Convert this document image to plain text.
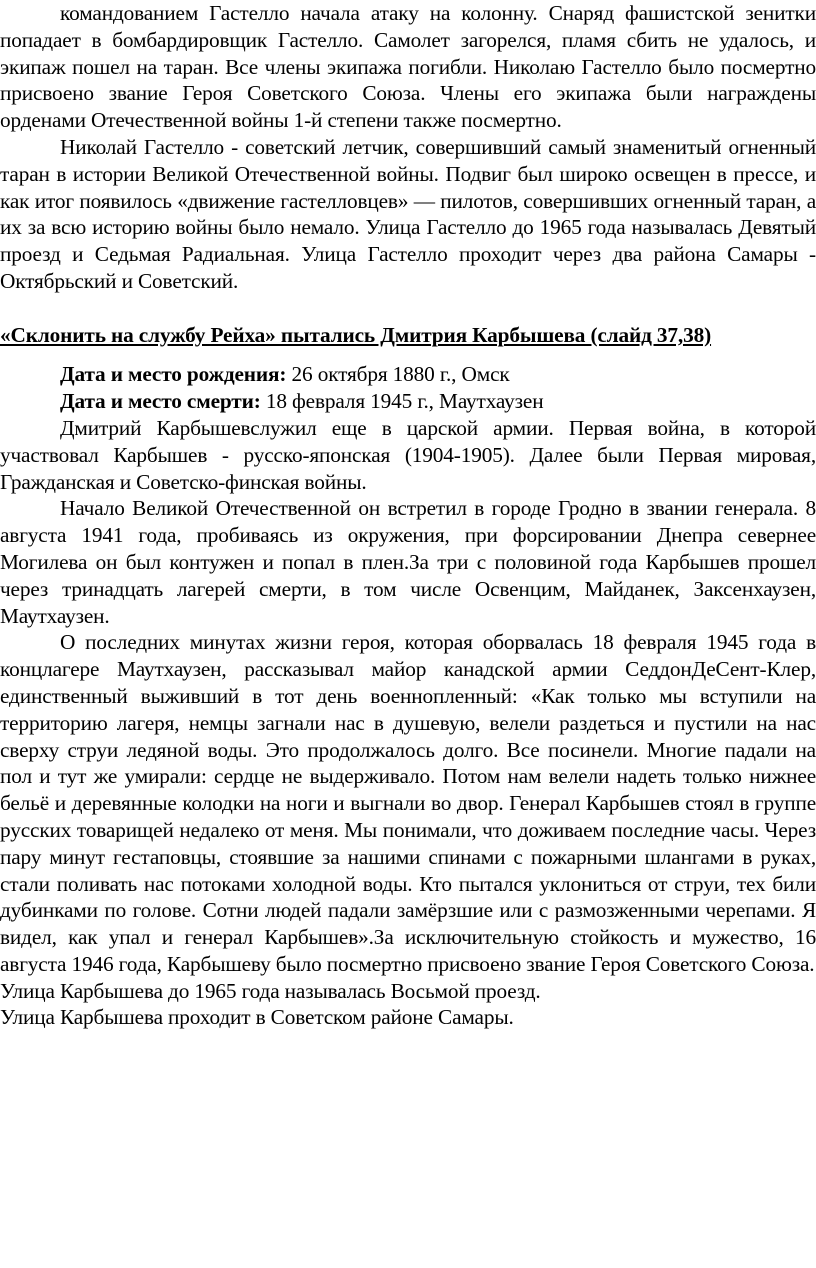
командованием Гастелло начала атаку на колонну. Снаряд фашистской зенитки попадает в бомбардировщик Гастелло. Самолет загорелся, пламя сбить не удалось, и экипаж пошел на таран. Все члены экипажа погибли. Николаю Гастелло было посмертно присвоено звание Героя Советского Союза. Члены его экипажа были награждены орденами Отечественной войны 1-й степени также посмертно.

Николай Гастелло - советский летчик, совершивший самый знаменитый огненный таран в истории Великой Отечественной войны. Подвиг был широко освещен в прессе, и как итог появилось «движение гастелловцев» — пилотов, совершивших огненный таран, а их за всю историю войны было немало. Улица Гастелло до 1965 года называлась Девятый проезд и Седьмая Радиальная. Улица Гастелло проходит через два района Самары - Октябрьский и Советский.

«Склонить на службу Рейха» пытались Дмитрия Карбышева (слайд 37,38)

Дата и место рождения: 26 октября 1880 г., Омск

Дата и место смерти: 18 февраля 1945 г., Маутхаузен

Дмитрий Карбышевслужил еще в царской армии. Первая война, в которой участвовал Карбышев - русско-японская (1904-1905). Далее были Первая мировая, Гражданская и Советско-финская войны.

Начало Великой Отечественной он встретил в городе Гродно в звании генерала. 8 августа 1941 года, пробиваясь из окружения, при форсировании Днепра севернее Могилева он был контужен и попал в плен.За три с половиной года Карбышев прошел через тринадцать лагерей смерти, в том числе Освенцим, Майданек, Заксенхаузен, Маутхаузен.

О последних минутах жизни героя, которая оборвалась 18 февраля 1945 года в концлагере Маутхаузен, рассказывал майор канадской армии СеддонДеСент-Клер, единственный выживший в тот день военнопленный: «Как только мы вступили на территорию лагеря, немцы загнали нас в душевую, велели раздеться и пустили на нас сверху струи ледяной воды. Это продолжалось долго. Все посинели. Многие падали на пол и тут же умирали: сердце не выдерживало. Потом нам велели надеть только нижнее бельё и деревянные колодки на ноги и выгнали во двор. Генерал Карбышев стоял в группе русских товарищей недалеко от меня. Мы понимали, что доживаем последние часы. Через пару минут гестаповцы, стоявшие за нашими спинами с пожарными шлангами в руках, стали поливать нас потоками холодной воды. Кто пытался уклониться от струи, тех били дубинками по голове. Сотни людей падали замёрзшие или с размозженными черепами. Я видел, как упал и генерал Карбышев».За исключительную стойкость и мужество, 16 августа 1946 года, Карбышеву было посмертно присвоено звание Героя Советского Союза.

Улица Карбышева до 1965 года называлась Восьмой проезд.

Улица Карбышева проходит в Советском районе Самары.
